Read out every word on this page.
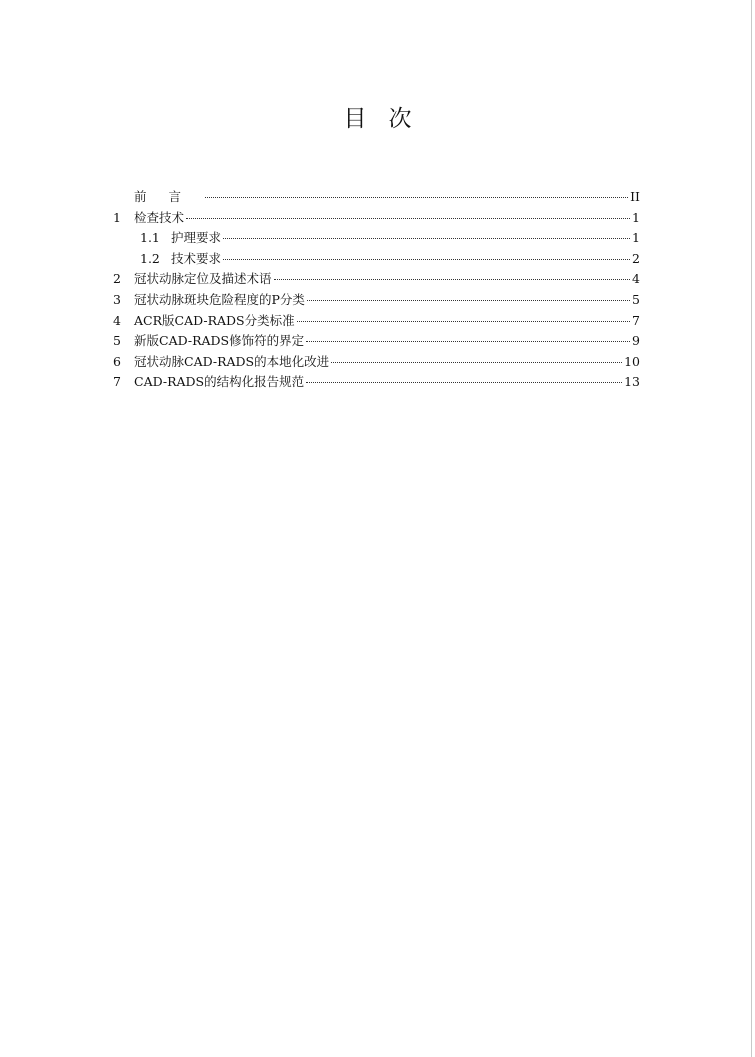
目 次
前言	II
1	检查技术	1
1.1 护理要求	1
1.2 技术要求	2
2	冠状动脉定位及描述术语	4
3	冠状动脉斑块危险程度的P分类	5
4	ACR版CAD-RADS分类标准	7
5	新版CAD-RADS修饰符的界定	9
6	冠状动脉CAD-RADS的本地化改进	10
7	CAD-RADS的结构化报告规范	13
